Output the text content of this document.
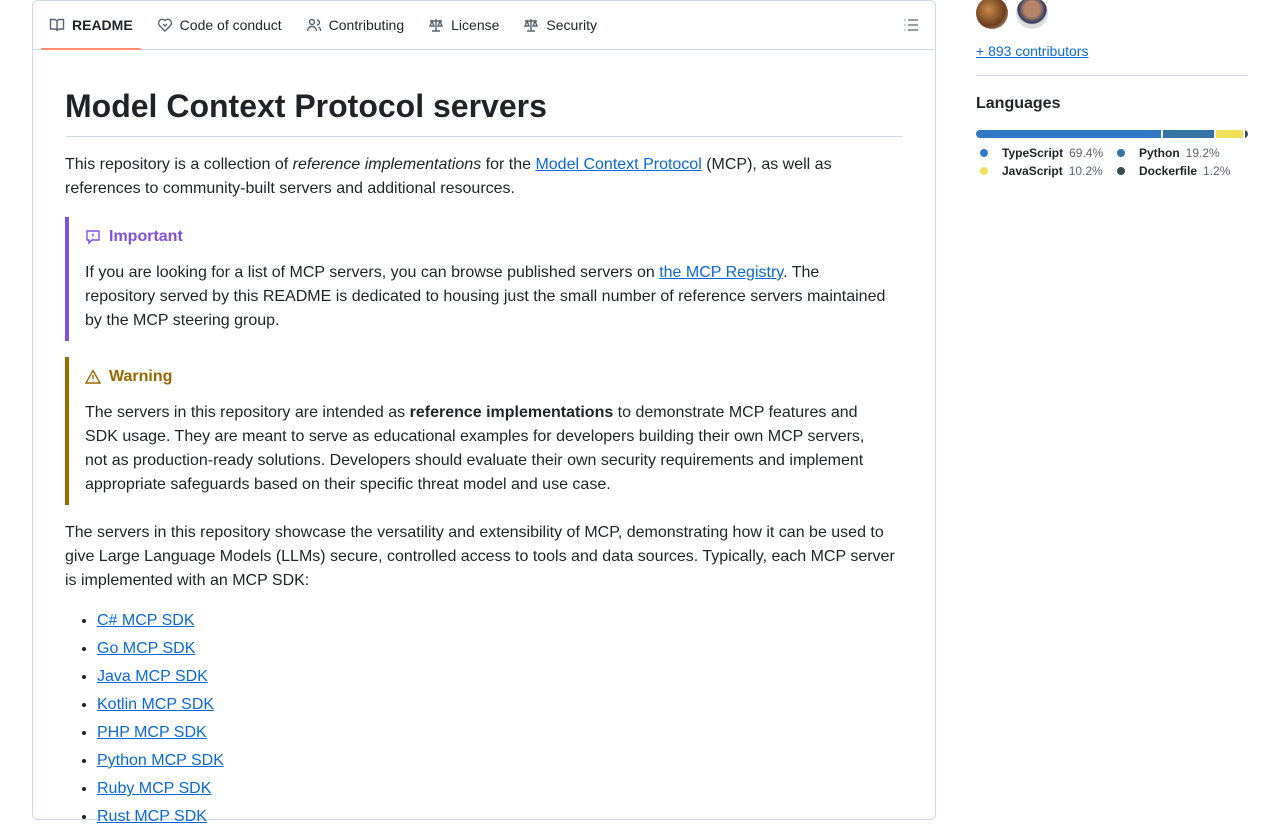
README	Code of conduct	Contributing	License	Security
Model Context Protocol servers

This repository is a collection of reference implementations for the Model Context Protocol (MCP), as well as references to community-built servers and additional resources.

Important

If you are looking for a list of MCP servers, you can browse published servers on the MCP Registry. The repository served by this README is dedicated to housing just the small number of reference servers maintained by the MCP steering group.

Warning

The servers in this repository are intended as reference implementations to demonstrate MCP features and SDK usage. They are meant to serve as educational examples for developers building their own MCP servers, not as production-ready solutions. Developers should evaluate their own security requirements and implement appropriate safeguards based on their specific threat model and use case.

The servers in this repository showcase the versatility and extensibility of MCP, demonstrating how it can be used to give Large Language Models (LLMs) secure, controlled access to tools and data sources. Typically, each MCP server is implemented with an MCP SDK:

• C# MCP SDK
• Go MCP SDK
• Java MCP SDK
• Kotlin MCP SDK
• PHP MCP SDK
• Python MCP SDK
• Ruby MCP SDK
• Rust MCP SDK
+ 893 contributors
Languages
TypeScript 69.4%	Python 19.2%
JavaScript 10.2%	Dockerfile 1.2%
